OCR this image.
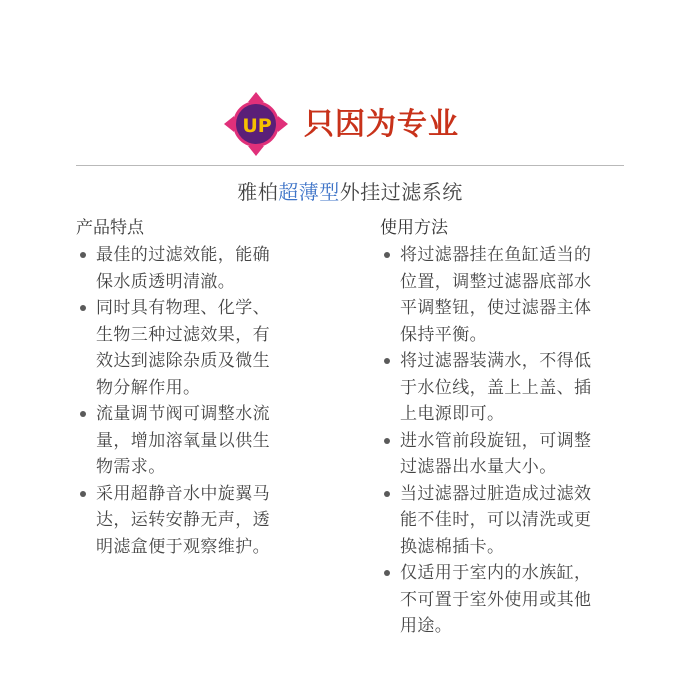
UP 只因为专业
雅柏超薄型外挂过滤系统
产品特点
最佳的过滤效能，能确
保水质透明清澈。
同时具有物理、化学、
生物三种过滤效果，有
效达到滤除杂质及微生
物分解作用。
流量调节阀可调整水流
量，增加溶氧量以供生
物需求。
采用超静音水中旋翼马
达，运转安静无声，透
明滤盒便于观察维护。
使用方法
将过滤器挂在鱼缸适当的
位置，调整过滤器底部水
平调整钮，使过滤器主体
保持平衡。
将过滤器装满水，不得低
于水位线，盖上上盖、插
上电源即可。
进水管前段旋钮，可调整
过滤器出水量大小。
当过滤器过脏造成过滤效
能不佳时，可以清洗或更
换滤棉插卡。
仅适用于室内的水族缸，
不可置于室外使用或其他
用途。
